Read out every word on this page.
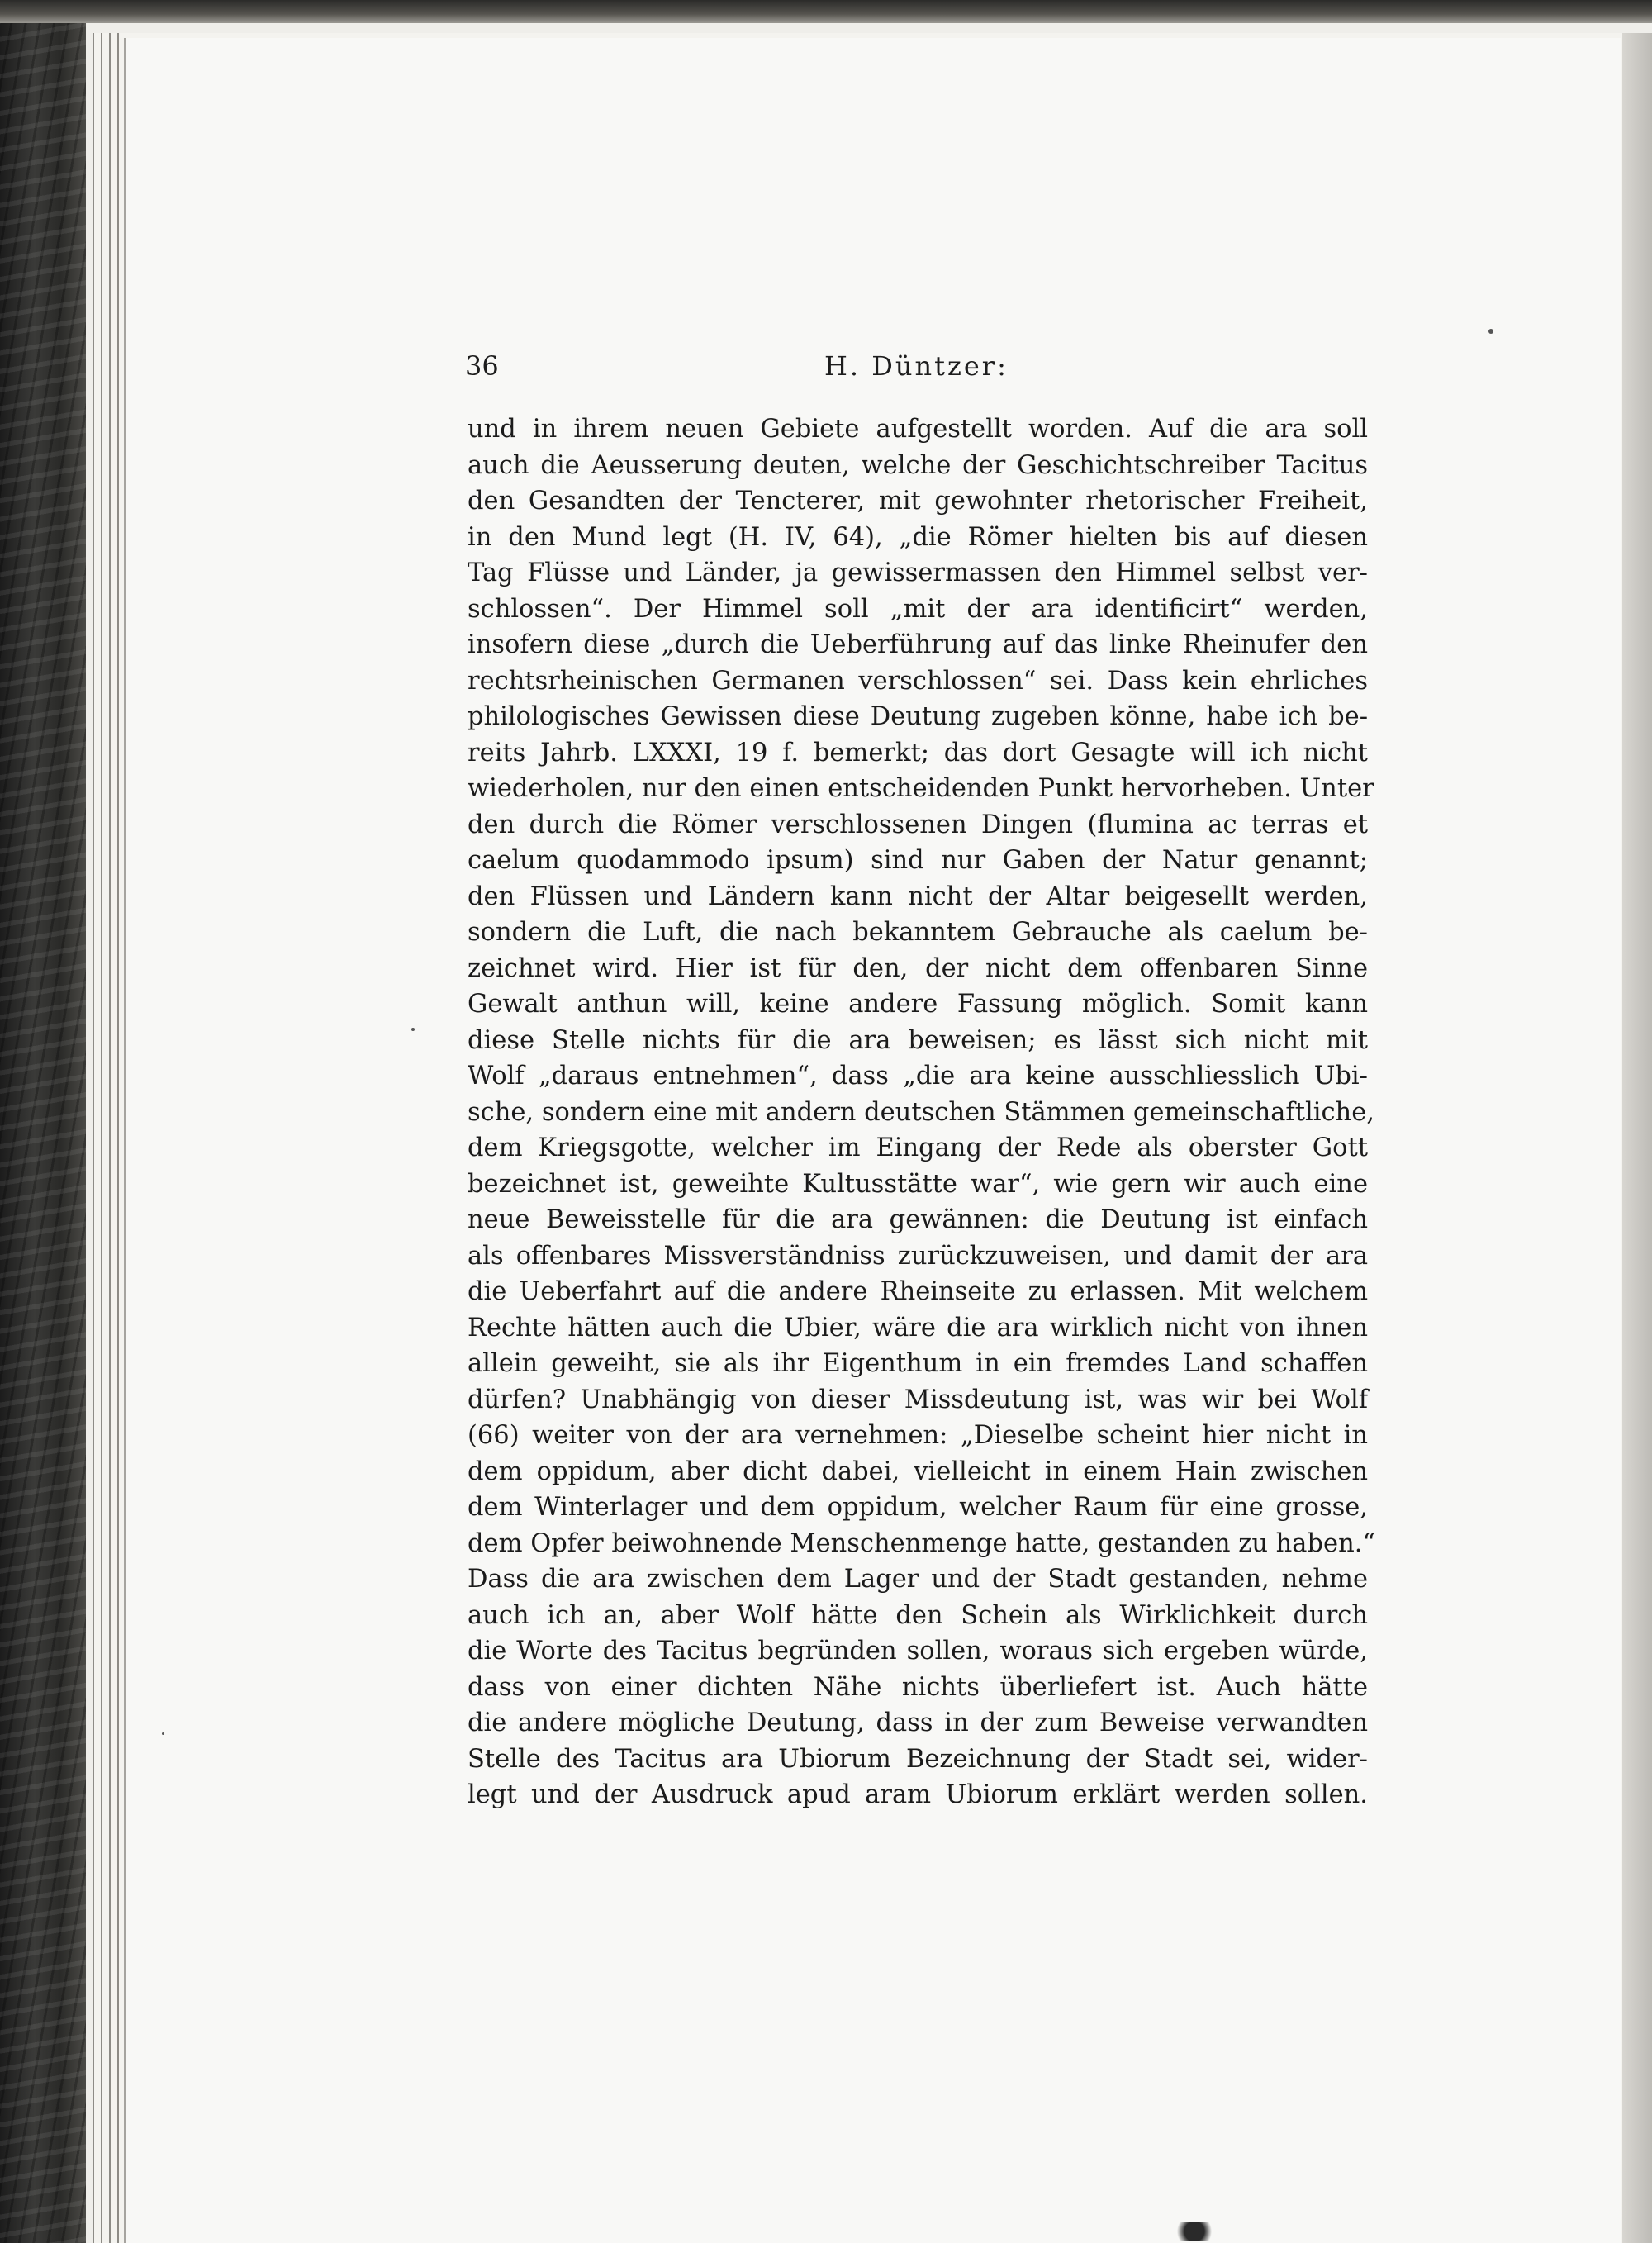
36	H. Düntzer:
und in ihrem neuen Gebiete aufgestellt worden. Auf die ara soll
auch die Aeusserung deuten, welche der Geschichtschreiber Tacitus
den Gesandten der Tencterer, mit gewohnter rhetorischer Freiheit,
in den Mund legt (H. IV, 64), „die Römer hielten bis auf diesen
Tag Flüsse und Länder, ja gewissermassen den Himmel selbst ver-
schlossen“. Der Himmel soll „mit der ara identificirt“ werden,
insofern diese „durch die Ueberführung auf das linke Rheinufer den
rechtsrheinischen Germanen verschlossen“ sei. Dass kein ehrliches
philologisches Gewissen diese Deutung zugeben könne, habe ich be-
reits Jahrb. LXXXI, 19 f. bemerkt; das dort Gesagte will ich nicht
wiederholen, nur den einen entscheidenden Punkt hervorheben. Unter
den durch die Römer verschlossenen Dingen (flumina ac terras et
caelum quodammodo ipsum) sind nur Gaben der Natur genannt;
den Flüssen und Ländern kann nicht der Altar beigesellt werden,
sondern die Luft, die nach bekanntem Gebrauche als caelum be-
zeichnet wird. Hier ist für den, der nicht dem offenbaren Sinne
Gewalt anthun will, keine andere Fassung möglich. Somit kann
diese Stelle nichts für die ara beweisen; es lässt sich nicht mit
Wolf „daraus entnehmen“, dass „die ara keine ausschliesslich Ubi-
sche, sondern eine mit andern deutschen Stämmen gemeinschaftliche,
dem Kriegsgotte, welcher im Eingang der Rede als oberster Gott
bezeichnet ist, geweihte Kultusstätte war“, wie gern wir auch eine
neue Beweisstelle für die ara gewännen: die Deutung ist einfach
als offenbares Missverständniss zurückzuweisen, und damit der ara
die Ueberfahrt auf die andere Rheinseite zu erlassen. Mit welchem
Rechte hätten auch die Ubier, wäre die ara wirklich nicht von ihnen
allein geweiht, sie als ihr Eigenthum in ein fremdes Land schaffen
dürfen? Unabhängig von dieser Missdeutung ist, was wir bei Wolf
(66) weiter von der ara vernehmen: „Dieselbe scheint hier nicht in
dem oppidum, aber dicht dabei, vielleicht in einem Hain zwischen
dem Winterlager und dem oppidum, welcher Raum für eine grosse,
dem Opfer beiwohnende Menschenmenge hatte, gestanden zu haben.“
Dass die ara zwischen dem Lager und der Stadt gestanden, nehme
auch ich an, aber Wolf hätte den Schein als Wirklichkeit durch
die Worte des Tacitus begründen sollen, woraus sich ergeben würde,
dass von einer dichten Nähe nichts überliefert ist. Auch hätte
die andere mögliche Deutung, dass in der zum Beweise verwandten
Stelle des Tacitus ara Ubiorum Bezeichnung der Stadt sei, wider-
legt und der Ausdruck apud aram Ubiorum erklärt werden sollen.
